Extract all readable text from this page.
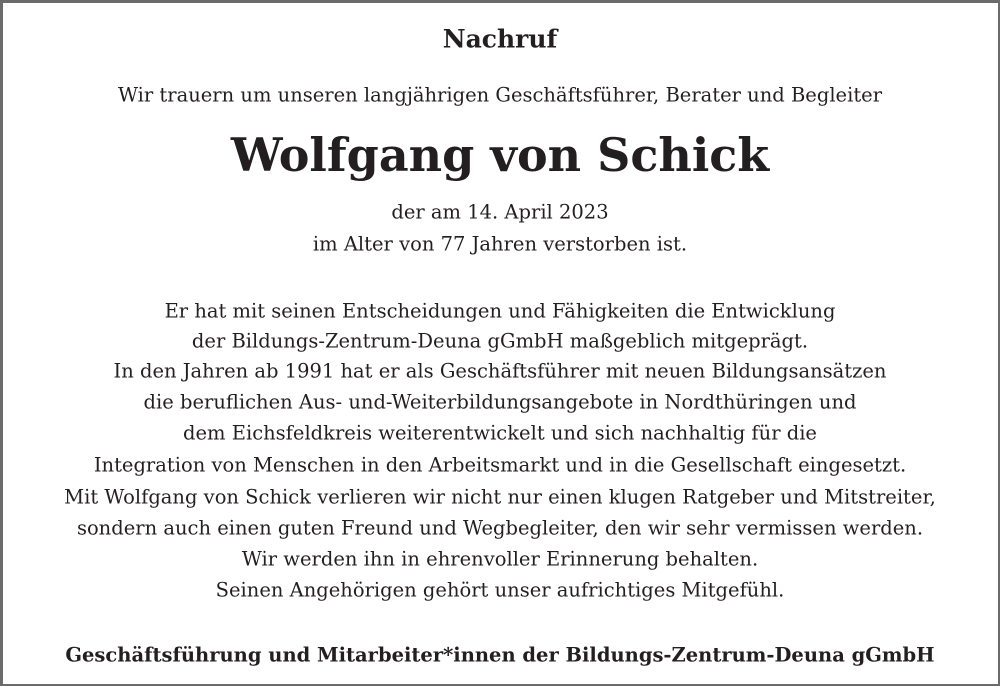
Nachruf
Wir trauern um unseren langjährigen Geschäftsführer, Berater und Begleiter
Wolfgang von Schick
der am 14. April 2023
im Alter von 77 Jahren verstorben ist.
Er hat mit seinen Entscheidungen und Fähigkeiten die Entwicklung
der Bildungs-Zentrum-Deuna gGmbH maßgeblich mitgeprägt.
In den Jahren ab 1991 hat er als Geschäftsführer mit neuen Bildungsansätzen
die beruflichen Aus- und-Weiterbildungsangebote in Nordthüringen und
dem Eichsfeldkreis weiterentwickelt und sich nachhaltig für die
Integration von Menschen in den Arbeitsmarkt und in die Gesellschaft eingesetzt.
Mit Wolfgang von Schick verlieren wir nicht nur einen klugen Ratgeber und Mitstreiter,
sondern auch einen guten Freund und Wegbegleiter, den wir sehr vermissen werden.
Wir werden ihn in ehrenvoller Erinnerung behalten.
Seinen Angehörigen gehört unser aufrichtiges Mitgefühl.
Geschäftsführung und Mitarbeiter*innen der Bildungs-Zentrum-Deuna gGmbH
